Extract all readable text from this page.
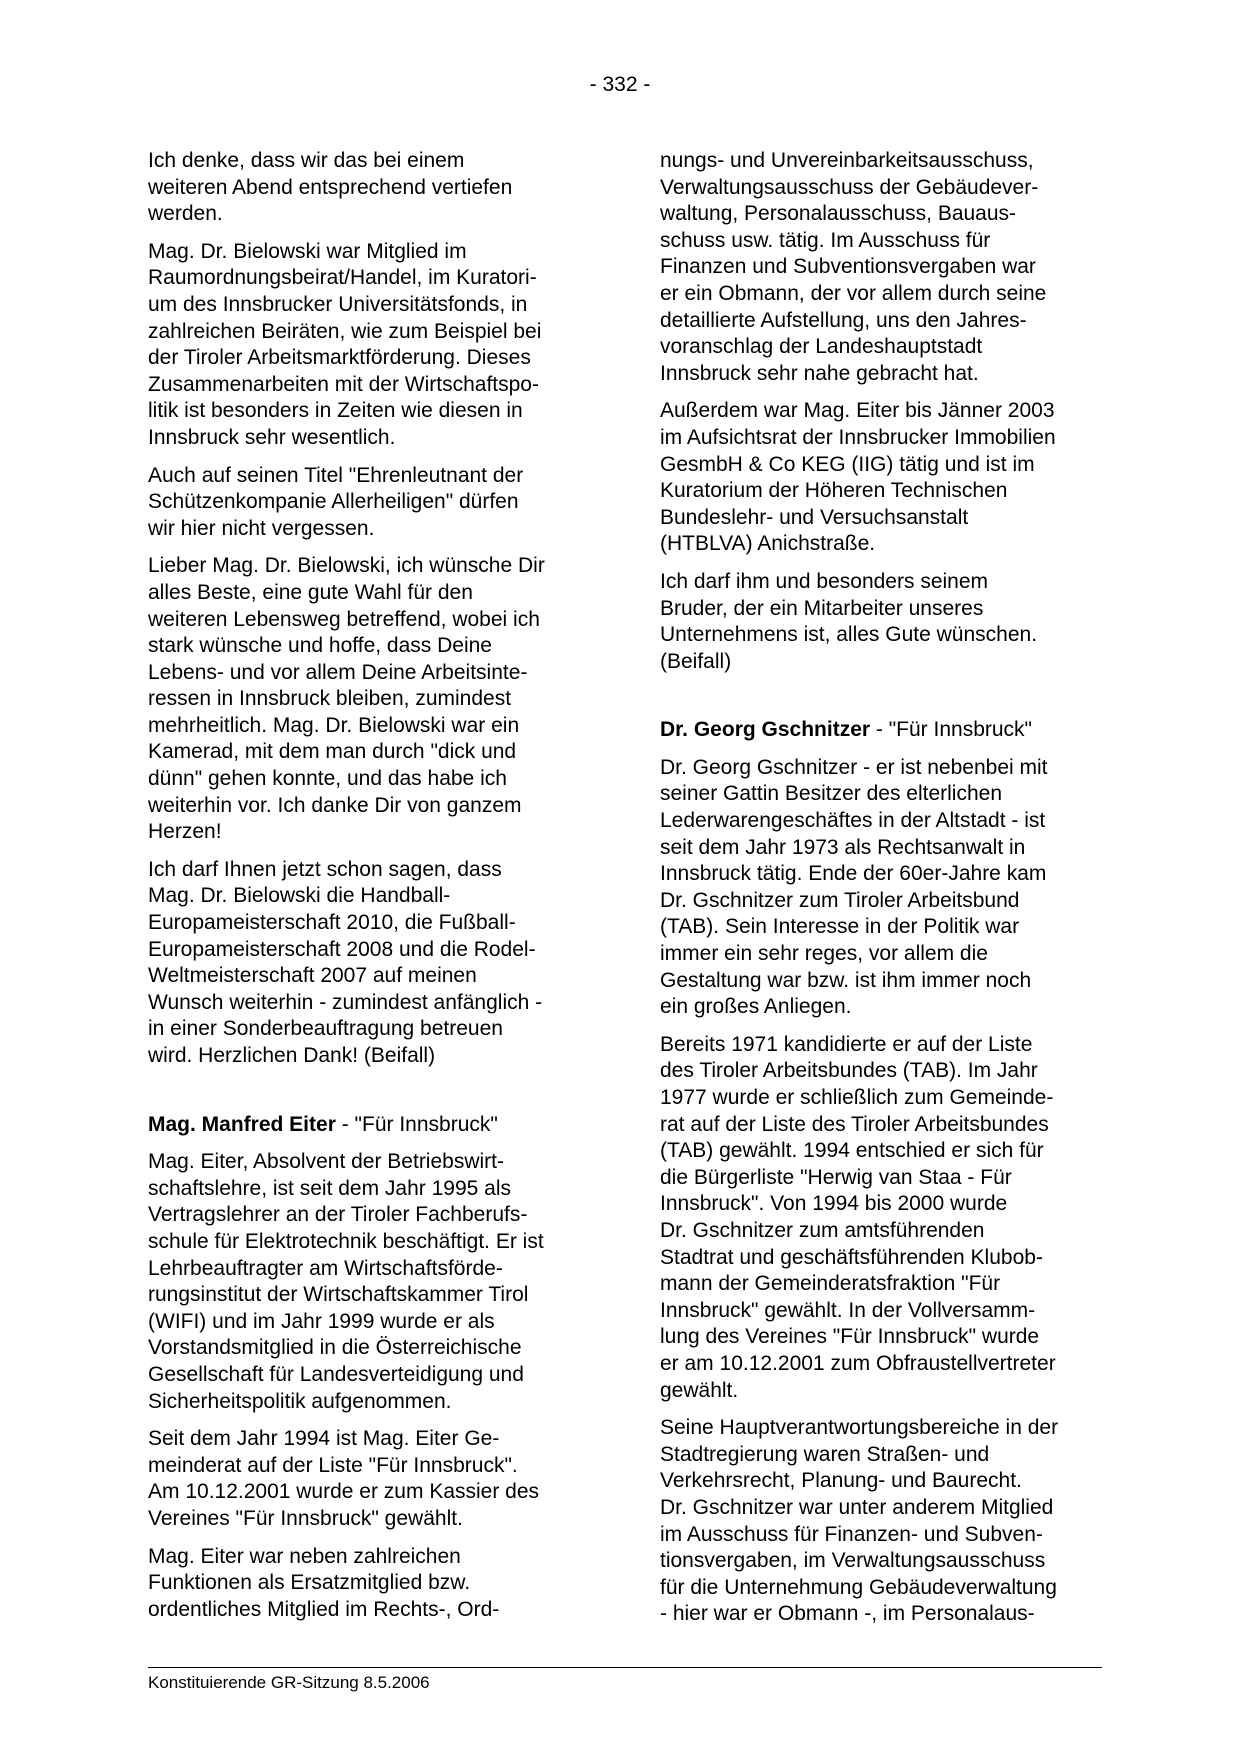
- 332 -
Ich denke, dass wir das bei einem
weiteren Abend entsprechend vertiefen
werden.
Mag. Dr. Bielowski war Mitglied im
Raumordnungsbeirat/Handel, im Kuratori-
um des Innsbrucker Universitätsfonds, in
zahlreichen Beiräten, wie zum Beispiel bei
der Tiroler Arbeitsmarktförderung. Dieses
Zusammenarbeiten mit der Wirtschaftspo-
litik ist besonders in Zeiten wie diesen in
Innsbruck sehr wesentlich.
Auch auf seinen Titel "Ehrenleutnant der
Schützenkompanie Allerheiligen" dürfen
wir hier nicht vergessen.
Lieber Mag. Dr. Bielowski, ich wünsche Dir
alles Beste, eine gute Wahl für den
weiteren Lebensweg betreffend, wobei ich
stark wünsche und hoffe, dass Deine
Lebens- und vor allem Deine Arbeitsinte-
ressen in Innsbruck bleiben, zumindest
mehrheitlich. Mag. Dr. Bielowski war ein
Kamerad, mit dem man durch "dick und
dünn" gehen konnte, und das habe ich
weiterhin vor. Ich danke Dir von ganzem
Herzen!
Ich darf Ihnen jetzt schon sagen, dass
Mag. Dr. Bielowski die Handball-
Europameisterschaft 2010, die Fußball-
Europameisterschaft 2008 und die Rodel-
Weltmeisterschaft 2007 auf meinen
Wunsch weiterhin - zumindest anfänglich -
in einer Sonderbeauftragung betreuen
wird. Herzlichen Dank! (Beifall)
Mag. Manfred Eiter - "Für Innsbruck"
Mag. Eiter, Absolvent der Betriebswirt-
schaftslehre, ist seit dem Jahr 1995 als
Vertragslehrer an der Tiroler Fachberufs-
schule für Elektrotechnik beschäftigt. Er ist
Lehrbeauftragter am Wirtschaftsförde-
rungsinstitut der Wirtschaftskammer Tirol
(WIFI) und im Jahr 1999 wurde er als
Vorstandsmitglied in die Österreichische
Gesellschaft für Landesverteidigung und
Sicherheitspolitik aufgenommen.
Seit dem Jahr 1994 ist Mag. Eiter Ge-
meinderat auf der Liste "Für Innsbruck".
Am 10.12.2001 wurde er zum Kassier des
Vereines "Für Innsbruck" gewählt.
Mag. Eiter war neben zahlreichen
Funktionen als Ersatzmitglied bzw.
ordentliches Mitglied im Rechts-, Ord-
nungs- und Unvereinbarkeitsausschuss,
Verwaltungsausschuss der Gebäudever-
waltung, Personalausschuss, Bauaus-
schuss usw. tätig. Im Ausschuss für
Finanzen und Subventionsvergaben war
er ein Obmann, der vor allem durch seine
detaillierte Aufstellung, uns den Jahres-
voranschlag der Landeshauptstadt
Innsbruck sehr nahe gebracht hat.
Außerdem war Mag. Eiter bis Jänner 2003
im Aufsichtsrat der Innsbrucker Immobilien
GesmbH & Co KEG (IIG) tätig und ist im
Kuratorium der Höheren Technischen
Bundeslehr- und Versuchsanstalt
(HTBLVA) Anichstraße.
Ich darf ihm und besonders seinem
Bruder, der ein Mitarbeiter unseres
Unternehmens ist, alles Gute wünschen.
(Beifall)
Dr. Georg Gschnitzer - "Für Innsbruck"
Dr. Georg Gschnitzer - er ist nebenbei mit
seiner Gattin Besitzer des elterlichen
Lederwarengeschäftes in der Altstadt - ist
seit dem Jahr 1973 als Rechtsanwalt in
Innsbruck tätig. Ende der 60er-Jahre kam
Dr. Gschnitzer zum Tiroler Arbeitsbund
(TAB). Sein Interesse in der Politik war
immer ein sehr reges, vor allem die
Gestaltung war bzw. ist ihm immer noch
ein großes Anliegen.
Bereits 1971 kandidierte er auf der Liste
des Tiroler Arbeitsbundes (TAB). Im Jahr
1977 wurde er schließlich zum Gemeinde-
rat auf der Liste des Tiroler Arbeitsbundes
(TAB) gewählt. 1994 entschied er sich für
die Bürgerliste "Herwig van Staa - Für
Innsbruck". Von 1994 bis 2000 wurde
Dr. Gschnitzer zum amtsführenden
Stadtrat und geschäftsführenden Klubob-
mann der Gemeinderatsfraktion "Für
Innsbruck" gewählt. In der Vollversamm-
lung des Vereines "Für Innsbruck" wurde
er am 10.12.2001 zum Obfraustellvertreter
gewählt.
Seine Hauptverantwortungsbereiche in der
Stadtregierung waren Straßen- und
Verkehrsrecht, Planung- und Baurecht.
Dr. Gschnitzer war unter anderem Mitglied
im Ausschuss für Finanzen- und Subven-
tionsvergaben, im Verwaltungsausschuss
für die Unternehmung Gebäudeverwaltung
- hier war er Obmann -, im Personalaus-
Konstituierende GR-Sitzung 8.5.2006
